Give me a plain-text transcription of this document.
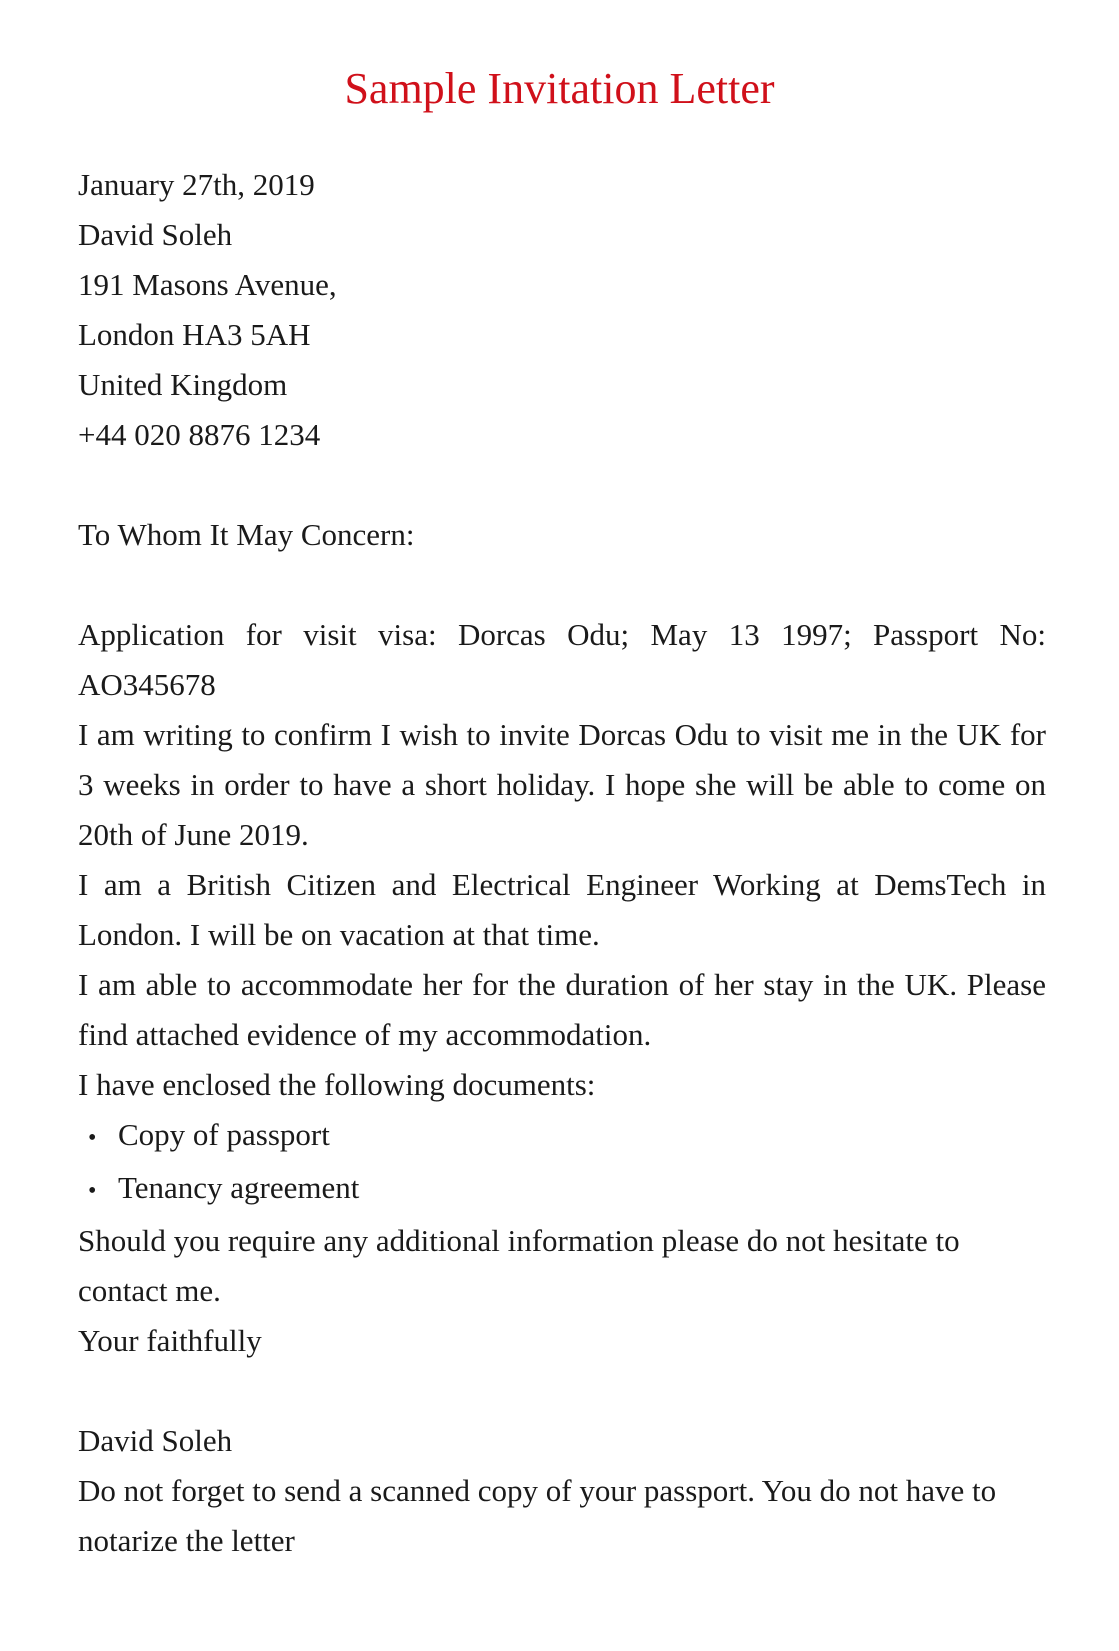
Sample Invitation Letter

January 27th, 2019

David Soleh

191 Masons Avenue,

London HA3 5AH

United Kingdom

+44 020 8876 1234

To Whom It May Concern:

Application for visit visa: Dorcas Odu; May 13 1997; Passport No: AO345678

I am writing to confirm I wish to invite Dorcas Odu to visit me in the UK for 3 weeks in order to have a short holiday. I hope she will be able to come on 20th of June 2019.

I am a British Citizen and Electrical Engineer Working at DemsTech in London. I will be on vacation at that time.

I am able to accommodate her for the duration of her stay in the UK. Please find attached evidence of my accommodation.

I have enclosed the following documents:

• Copy of passport
• Tenancy agreement

Should you require any additional information please do not hesitate to contact me.

Your faithfully

David Soleh

Do not forget to send a scanned copy of your passport. You do not have to notarize the letter
